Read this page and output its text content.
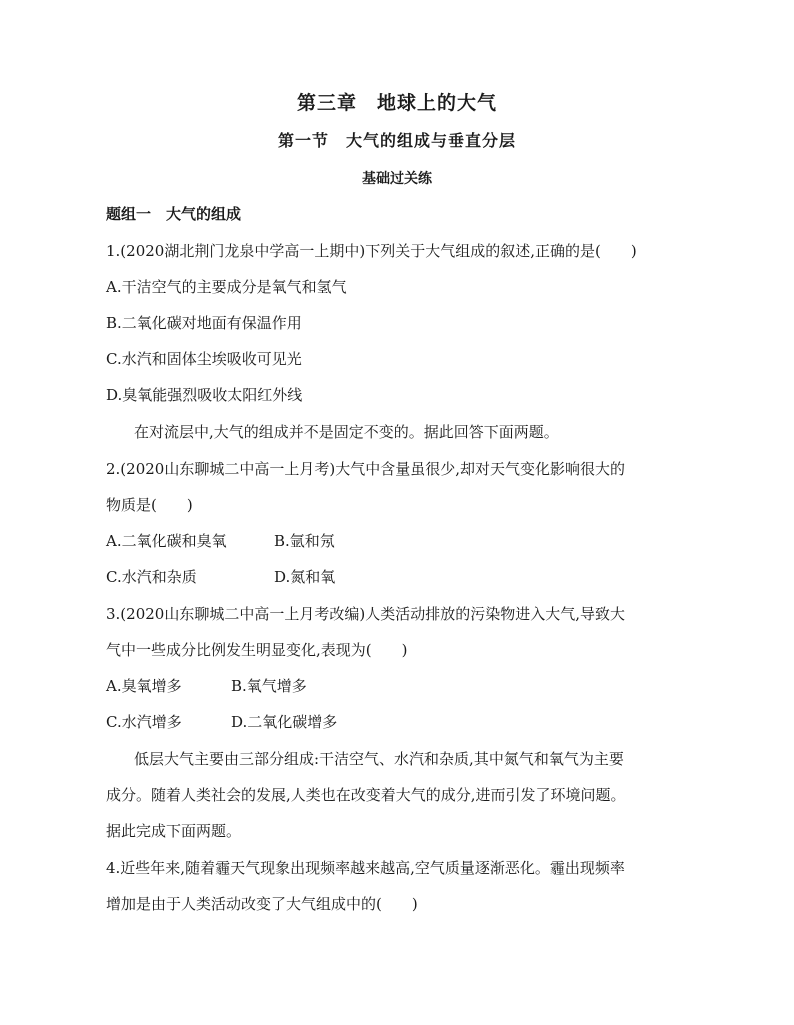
第三章　地球上的大气
第一节　大气的组成与垂直分层
基础过关练
题组一　大气的组成
1.(2020湖北荆门龙泉中学高一上期中)下列关于大气组成的叙述,正确的是(　　)
A.干洁空气的主要成分是氧气和氢气
B.二氧化碳对地面有保温作用
C.水汽和固体尘埃吸收可见光
D.臭氧能强烈吸收太阳红外线
在对流层中,大气的组成并不是固定不变的。据此回答下面两题。
2.(2020山东聊城二中高一上月考)大气中含量虽很少,却对天气变化影响很大的
物质是(　　)
A.二氧化碳和臭氧	B.氩和氖
C.水汽和杂质	D.氮和氧
3.(2020山东聊城二中高一上月考改编)人类活动排放的污染物进入大气,导致大
气中一些成分比例发生明显变化,表现为(　　)
A.臭氧增多	B.氧气增多
C.水汽增多	D.二氧化碳增多
低层大气主要由三部分组成:干洁空气、水汽和杂质,其中氮气和氧气为主要
成分。随着人类社会的发展,人类也在改变着大气的成分,进而引发了环境问题。
据此完成下面两题。
4.近些年来,随着霾天气现象出现频率越来越高,空气质量逐渐恶化。霾出现频率
增加是由于人类活动改变了大气组成中的(　　)
